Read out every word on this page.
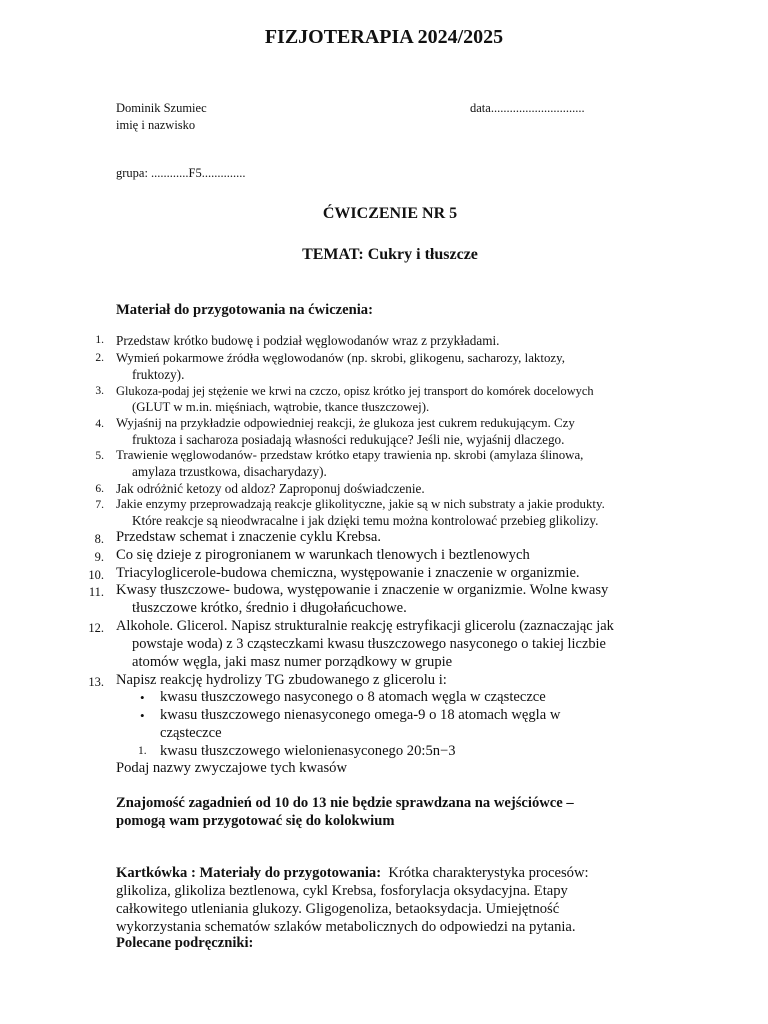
FIZJOTERAPIA 2024/2025
Dominik Szumiec	data..............................
imię i nazwisko
grupa: ............F5..............
ĆWICZENIE NR 5
TEMAT: Cukry i tłuszcze
Materiał do przygotowania na ćwiczenia:
1. Przedstaw krótko budowę i podział węglowodanów wraz z przykładami.
2. Wymień pokarmowe źródła węglowodanów (np. skrobi, glikogenu, sacharozy, laktozy,
fruktozy).
3. Glukoza-podaj jej stężenie we krwi na czczo, opisz krótko jej transport do komórek docelowych
(GLUT w m.in. mięśniach, wątrobie, tkance tłuszczowej).
4. Wyjaśnij na przykładzie odpowiedniej reakcji, że glukoza jest cukrem redukującym. Czy
fruktoza i sacharoza posiadają własności redukujące? Jeśli nie, wyjaśnij dlaczego.
5. Trawienie węglowodanów- przedstaw krótko etapy trawienia np. skrobi (amylaza ślinowa,
amylaza trzustkowa, disacharydazy).
6. Jak odróżnić ketozy od aldoz? Zaproponuj doświadczenie.
7. Jakie enzymy przeprowadzają reakcje glikolityczne, jakie są w nich substraty a jakie produkty.
Które reakcje są nieodwracalne i jak dzięki temu można kontrolować przebieg glikolizy.
8. Przedstaw schemat i znaczenie cyklu Krebsa.
9. Co się dzieje z pirogronianem w warunkach tlenowych i beztlenowych
10. Triacyloglicerole-budowa chemiczna, występowanie i znaczenie w organizmie.
11. Kwasy tłuszczowe- budowa, występowanie i znaczenie w organizmie. Wolne kwasy
tłuszczowe krótko, średnio i długołańcuchowe.
12. Alkohole. Glicerol. Napisz strukturalnie reakcję estryfikacji glicerolu (zaznaczając jak
powstaje woda) z 3 cząsteczkami kwasu tłuszczowego nasyconego o takiej liczbie
atomów węgla, jaki masz numer porządkowy w grupie
13. Napisz reakcję hydrolizy TG zbudowanego z glicerolu i:
• kwasu tłuszczowego nasyconego o 8 atomach węgla w cząsteczce
• kwasu tłuszczowego nienasyconego omega-9 o 18 atomach węgla w
cząsteczce
1. kwasu tłuszczowego wielonienasyconego 20:5n−3
Podaj nazwy zwyczajowe tych kwasów
Znajomość zagadnień od 10 do 13 nie będzie sprawdzana na wejściówce –
pomogą wam przygotować się do kolokwium
Kartkówka : Materiały do przygotowania:  Krótka charakterystyka procesów:
glikoliza, glikoliza beztlenowa, cykl Krebsa, fosforylacja oksydacyjna. Etapy
całkowitego utleniania glukozy. Gligogenoliza, betaoksydacja. Umiejętność
wykorzystania schematów szlaków metabolicznych do odpowiedzi na pytania.
Polecane podręczniki:
